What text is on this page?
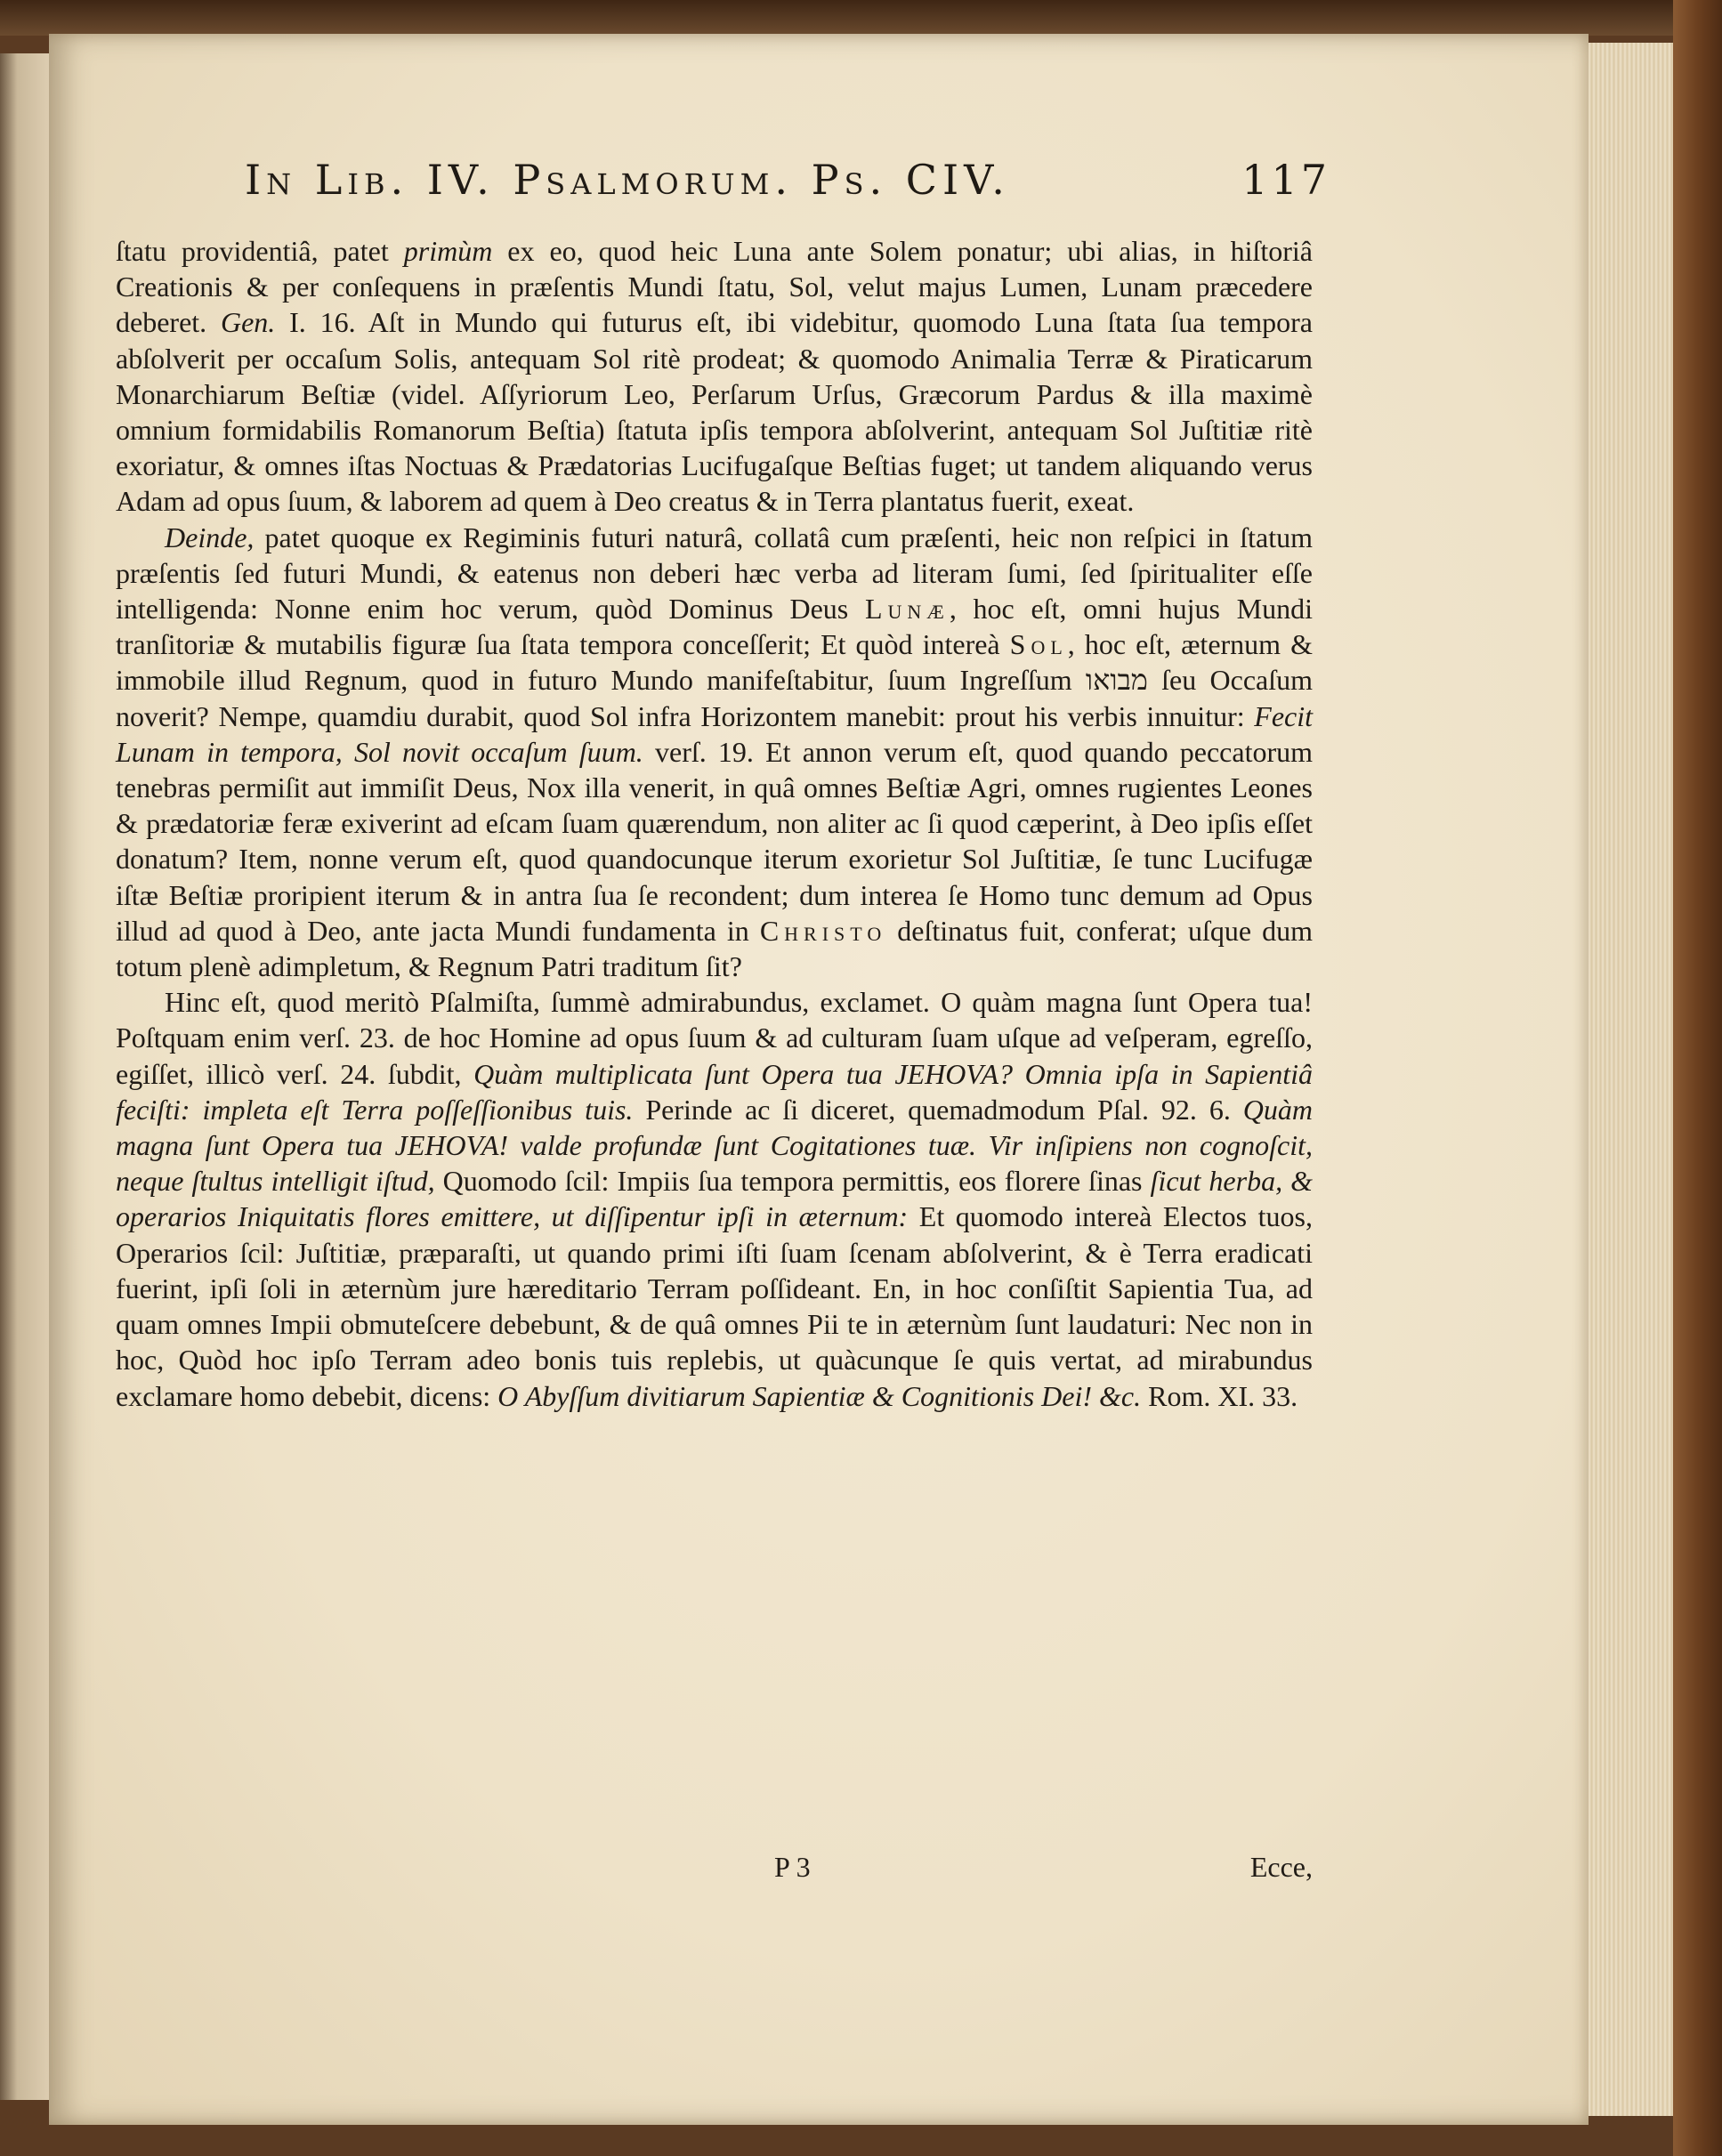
In Lib. IV. Psalmorum. Pſ. CIV.	117

ſtatu providentiâ, patet primùm ex eo, quod heic Luna ante Solem ponatur; ubi alias, in hiſtoriâ Creationis & per conſequens in præſentis Mundi ſtatu, Sol, velut majus Lumen, Lunam præcedere deberet. Gen. I. 16. Aſt in Mundo qui futurus eſt, ibi videbitur, quomodo Luna ſtata ſua tempora abſolverit per occaſum Solis, antequam Sol ritè prodeat; & quomodo Animalia Terræ & Piraticarum Monarchiarum Beſtiæ (videl. Aſſyriorum Leo, Perſarum Urſus, Græcorum Pardus & illa maximè omnium formidabilis Romanorum Beſtia) ſtatuta ipſis tempora abſolverint, antequam Sol Juſtitiæ ritè exoriatur, & omnes iſtas Noctuas & Prædatorias Lucifugaſque Beſtias fuget; ut tandem aliquando verus Adam ad opus ſuum, & laborem ad quem à Deo creatus & in Terra plantatus fuerit, exeat.

Deinde, patet quoque ex Regiminis futuri naturâ, collatâ cum præſenti, heic non reſpici in ſtatum præſentis ſed futuri Mundi, & eatenus non deberi hæc verba ad literam ſumi, ſed ſpiritualiter eſſe intelligenda: Nonne enim hoc verum, quòd Dominus Deus Lunæ, hoc eſt, omni hujus Mundi tranſitoriæ & mutabilis figuræ ſua ſtata tempora conceſſerit; Et quòd intereà Sol, hoc eſt, æternum & immobile illud Regnum, quod in futuro Mundo manifeſtabitur, ſuum Ingreſſum מבואו ſeu Occaſum noverit? Nempe, quamdiu durabit, quod Sol infra Horizontem manebit: prout his verbis innuitur: Fecit Lunam in tempora, Sol novit occaſum ſuum. verſ. 19. Et annon verum eſt, quod quando peccatorum tenebras permiſit aut immiſit Deus, Nox illa venerit, in quâ omnes Beſtiæ Agri, omnes rugientes Leones & prædatoriæ feræ exiverint ad eſcam ſuam quærendum, non aliter ac ſi quod cæperint, à Deo ipſis eſſet donatum? Item, nonne verum eſt, quod quandocunque iterum exorietur Sol Juſtitiæ, ſe tunc Lucifugæ iſtæ Beſtiæ proripient iterum & in antra ſua ſe recondent; dum interea ſe Homo tunc demum ad Opus illud ad quod à Deo, ante jacta Mundi fundamenta in Christo deſtinatus fuit, conferat; uſque dum totum plenè adimpletum, & Regnum Patri traditum ſit?

Hinc eſt, quod meritò Pſalmiſta, ſummè admirabundus, exclamet. O quàm magna ſunt Opera tua! Poſtquam enim verſ. 23. de hoc Homine ad opus ſuum & ad culturam ſuam uſque ad veſperam, egreſſo, egiſſet, illicò verſ. 24. ſubdit, Quàm multiplicata ſunt Opera tua JEHOVA? Omnia ipſa in Sapientiâ feciſti: impleta eſt Terra poſſeſſionibus tuis. Perinde ac ſi diceret, quemadmodum Pſal. 92. 6. Quàm magna ſunt Opera tua JEHOVA! valde profundæ ſunt Cogitationes tuæ. Vir inſipiens non cognoſcit, neque ſtultus intelligit iſtud, Quomodo ſcil: Impiis ſua tempora permittis, eos florere ſinas ſicut herba, & operarios Iniquitatis flores emittere, ut diſſipentur ipſi in æternum: Et quomodo intereà Electos tuos, Operarios ſcil: Juſtitiæ, præparaſti, ut quando primi iſti ſuam ſcenam abſolverint, & è Terra eradicati fuerint, ipſi ſoli in æternùm jure hæreditario Terram poſſideant. En, in hoc conſiſtit Sapientia Tua, ad quam omnes Impii obmuteſcere debebunt, & de quâ omnes Pii te in æternùm ſunt laudaturi: Nec non in hoc, Quòd hoc ipſo Terram adeo bonis tuis replebis, ut quàcunque ſe quis vertat, ad mirabundus exclamare homo debebit, dicens: O Abyſſum divitiarum Sapientiæ & Cognitionis Dei! &c. Rom. XI. 33.

P 3	Ecce,
